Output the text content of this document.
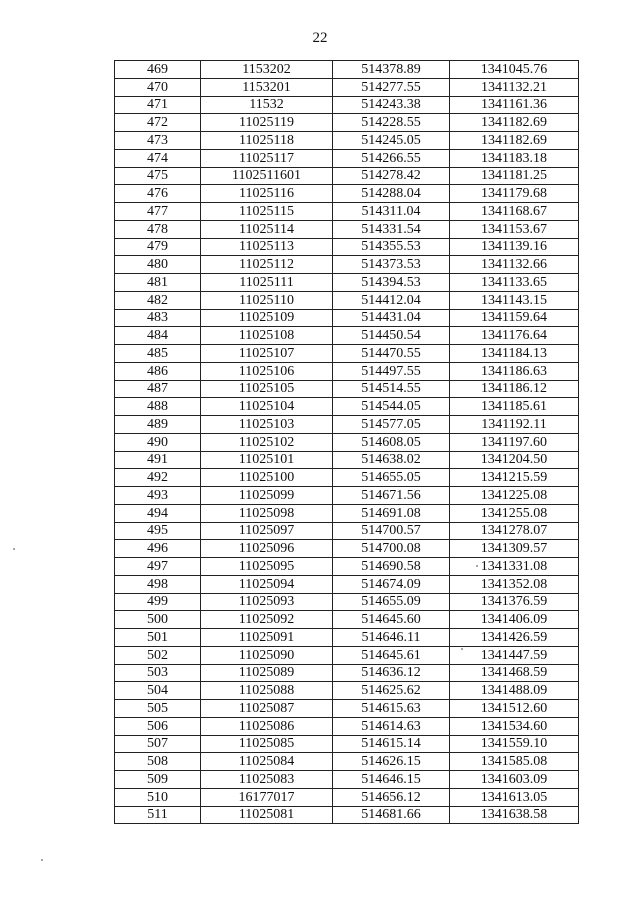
22
469	1153202	514378.89	1341045.76
470	1153201	514277.55	1341132.21
471	11532	514243.38	1341161.36
472	11025119	514228.55	1341182.69
473	11025118	514245.05	1341182.69
474	11025117	514266.55	1341183.18
475	1102511601	514278.42	1341181.25
476	11025116	514288.04	1341179.68
477	11025115	514311.04	1341168.67
478	11025114	514331.54	1341153.67
479	11025113	514355.53	1341139.16
480	11025112	514373.53	1341132.66
481	11025111	514394.53	1341133.65
482	11025110	514412.04	1341143.15
483	11025109	514431.04	1341159.64
484	11025108	514450.54	1341176.64
485	11025107	514470.55	1341184.13
486	11025106	514497.55	1341186.63
487	11025105	514514.55	1341186.12
488	11025104	514544.05	1341185.61
489	11025103	514577.05	1341192.11
490	11025102	514608.05	1341197.60
491	11025101	514638.02	1341204.50
492	11025100	514655.05	1341215.59
493	11025099	514671.56	1341225.08
494	11025098	514691.08	1341255.08
495	11025097	514700.57	1341278.07
496	11025096	514700.08	1341309.57
497	11025095	514690.58	1341331.08
498	11025094	514674.09	1341352.08
499	11025093	514655.09	1341376.59
500	11025092	514645.60	1341406.09
501	11025091	514646.11	1341426.59
502	11025090	514645.61	1341447.59
503	11025089	514636.12	1341468.59
504	11025088	514625.62	1341488.09
505	11025087	514615.63	1341512.60
506	11025086	514614.63	1341534.60
507	11025085	514615.14	1341559.10
508	11025084	514626.15	1341585.08
509	11025083	514646.15	1341603.09
510	16177017	514656.12	1341613.05
511	11025081	514681.66	1341638.58
